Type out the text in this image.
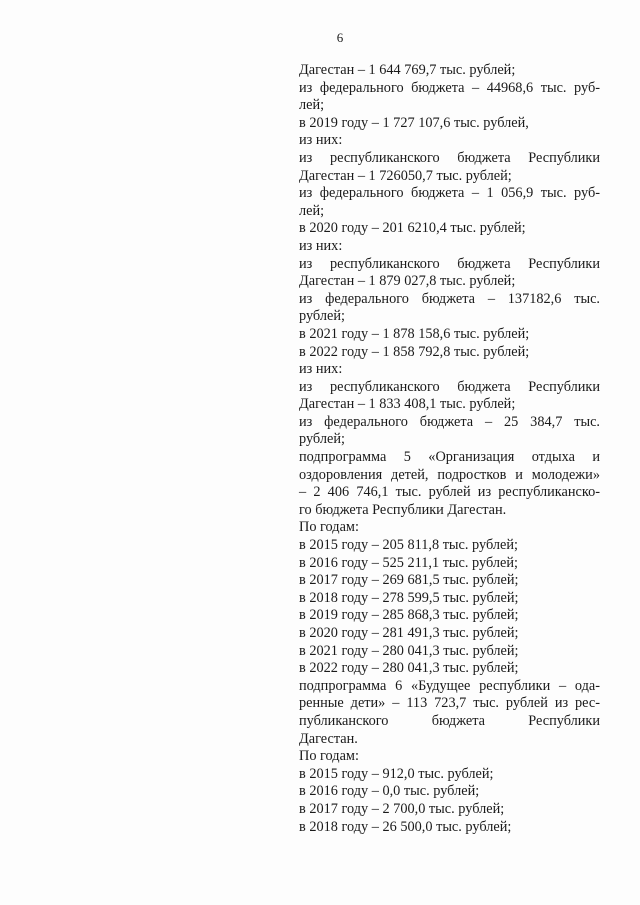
6
Дагестан – 1 644 769,7 тыс. рублей;
из федерального бюджета – 44968,6 тыс. руб-
лей;
в 2019 году – 1 727 107,6 тыс. рублей,
из них:
из республиканского бюджета Республики
Дагестан – 1 726050,7 тыс. рублей;
из федерального бюджета – 1 056,9 тыс. руб-
лей;
в 2020 году – 201 6210,4 тыс. рублей;
из них:
из республиканского бюджета Республики
Дагестан – 1 879 027,8 тыс. рублей;
из федерального бюджета – 137182,6 тыс.
рублей;
в 2021 году – 1 878 158,6 тыс. рублей;
в 2022 году – 1 858 792,8 тыс. рублей;
из них:
из республиканского бюджета Республики
Дагестан – 1 833 408,1 тыс. рублей;
из федерального бюджета – 25 384,7 тыс.
рублей;
подпрограмма 5 «Организация отдыха и
оздоровления детей, подростков и молодежи»
– 2 406 746,1 тыс. рублей из республиканско-
го бюджета Республики Дагестан.
По годам:
в 2015 году – 205 811,8 тыс. рублей;
в 2016 году – 525 211,1 тыс. рублей;
в 2017 году – 269 681,5 тыс. рублей;
в 2018 году – 278 599,5 тыс. рублей;
в 2019 году – 285 868,3 тыс. рублей;
в 2020 году – 281 491,3 тыс. рублей;
в 2021 году – 280 041,3 тыс. рублей;
в 2022 году – 280 041,3 тыс. рублей;
подпрограмма 6 «Будущее республики – ода-
ренные дети» – 113 723,7 тыс. рублей из рес-
публиканского бюджета Республики
Дагестан.
По годам:
в 2015 году – 912,0 тыс. рублей;
в 2016 году – 0,0 тыс. рублей;
в 2017 году – 2 700,0 тыс. рублей;
в 2018 году – 26 500,0 тыс. рублей;
